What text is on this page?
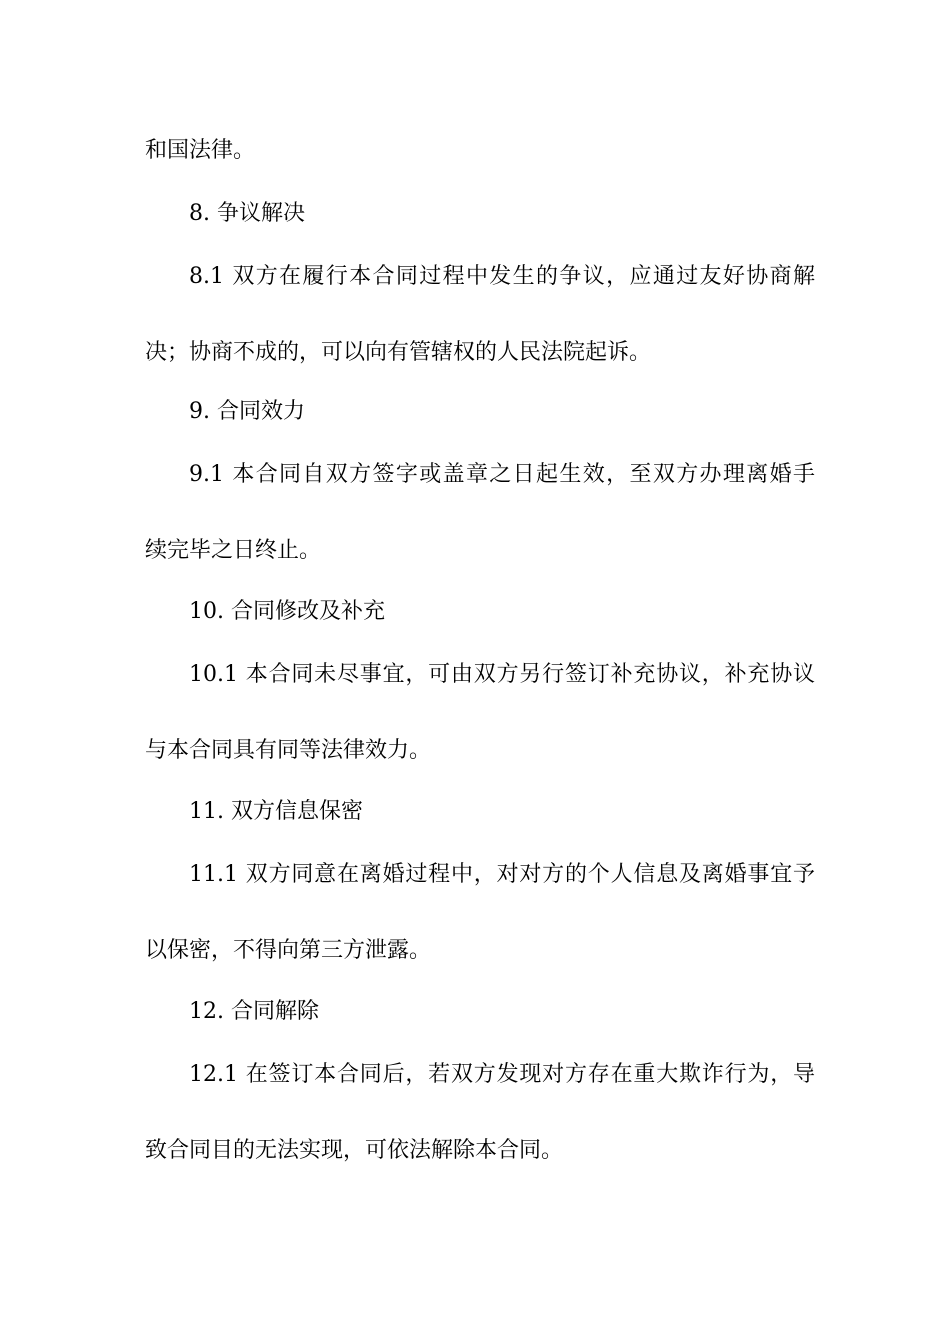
和国法律。
8. 争议解决
8.1 双方在履行本合同过程中发生的争议，应通过友好协商解
决；协商不成的，可以向有管辖权的人民法院起诉。
9. 合同效力
9.1 本合同自双方签字或盖章之日起生效，至双方办理离婚手
续完毕之日终止。
10. 合同修改及补充
10.1 本合同未尽事宜，可由双方另行签订补充协议，补充协议
与本合同具有同等法律效力。
11. 双方信息保密
11.1 双方同意在离婚过程中，对对方的个人信息及离婚事宜予
以保密，不得向第三方泄露。
12. 合同解除
12.1 在签订本合同后，若双方发现对方存在重大欺诈行为，导
致合同目的无法实现，可依法解除本合同。
